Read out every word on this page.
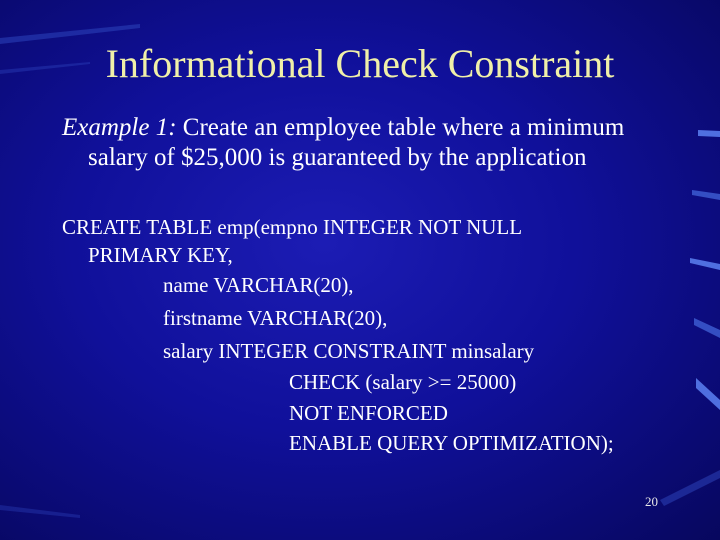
Informational Check Constraint

Example 1: Create an employee table where a minimum

salary of $25,000 is guaranteed by the application

CREATE TABLE emp(empno INTEGER NOT NULL

PRIMARY KEY,

name VARCHAR(20),

firstname VARCHAR(20),

salary INTEGER CONSTRAINT minsalary

CHECK (salary >= 25000)

NOT ENFORCED

ENABLE QUERY OPTIMIZATION);

20
